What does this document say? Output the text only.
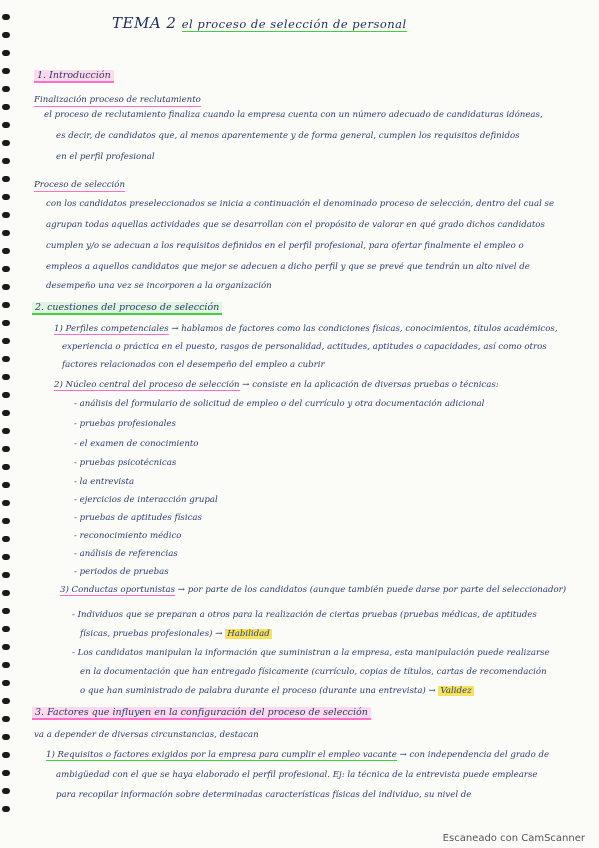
TEMA 2 el proceso de selección de personal
1. Introducción
Finalización proceso de reclutamiento
el proceso de reclutamiento finaliza cuando la empresa cuenta con un número adecuado de candidaturas idóneas,
es decir, de candidatos que, al menos aparentemente y de forma general, cumplen los requisitos definidos
en el perfil profesional
Proceso de selección
con los candidatos preseleccionados se inicia a continuación el denominado proceso de selección, dentro del cual se
agrupan todas aquellas actividades que se desarrollan con el propósito de valorar en qué grado dichos candidatos
cumplen y/o se adecuan a los requisitos definidos en el perfil profesional, para ofertar finalmente el empleo o
empleos a aquellos candidatos que mejor se adecuen a dicho perfil y que se prevé que tendrán un alto nivel de
desempeño una vez se incorporen a la organización
2. cuestiones del proceso de selección
1) Perfiles competenciales → hablamos de factores como las condiciones físicas, conocimientos, títulos académicos,
experiencia o práctica en el puesto, rasgos de personalidad, actitudes, aptitudes o capacidades, así como otros
factores relacionados con el desempeño del empleo a cubrir
2) Núcleo central del proceso de selección → consiste en la aplicación de diversas pruebas o técnicas:
- análisis del formulario de solicitud de empleo o del currículo y otra documentación adicional
- pruebas profesionales
- el examen de conocimiento
- pruebas psicotécnicas
- la entrevista
- ejercicios de interacción grupal
- pruebas de aptitudes físicas
- reconocimiento médico
- análisis de referencias
- periodos de pruebas
3) Conductas oportunistas → por parte de los candidatos (aunque también puede darse por parte del seleccionador)
- Individuos que se preparan a otros para la realización de ciertas pruebas (pruebas médicas, de aptitudes
físicas, pruebas profesionales) → Habilidad
- Los candidatos manipulan la información que suministran a la empresa, esta manipulación puede realizarse
en la documentación que han entregado físicamente (currículo, copias de títulos, cartas de recomendación
o que han suministrado de palabra durante el proceso (durante una entrevista) → Validez
3. Factores que influyen en la configuración del proceso de selección
va a depender de diversas circunstancias, destacan
1) Requisitos o factores exigidos por la empresa para cumplir el empleo vacante → con independencia del grado de
ambigüedad con el que se haya elaborado el perfil profesional. Ej: la técnica de la entrevista puede emplearse
para recopilar información sobre determinadas características físicas del individuo, su nivel de
Escaneado con CamScanner
